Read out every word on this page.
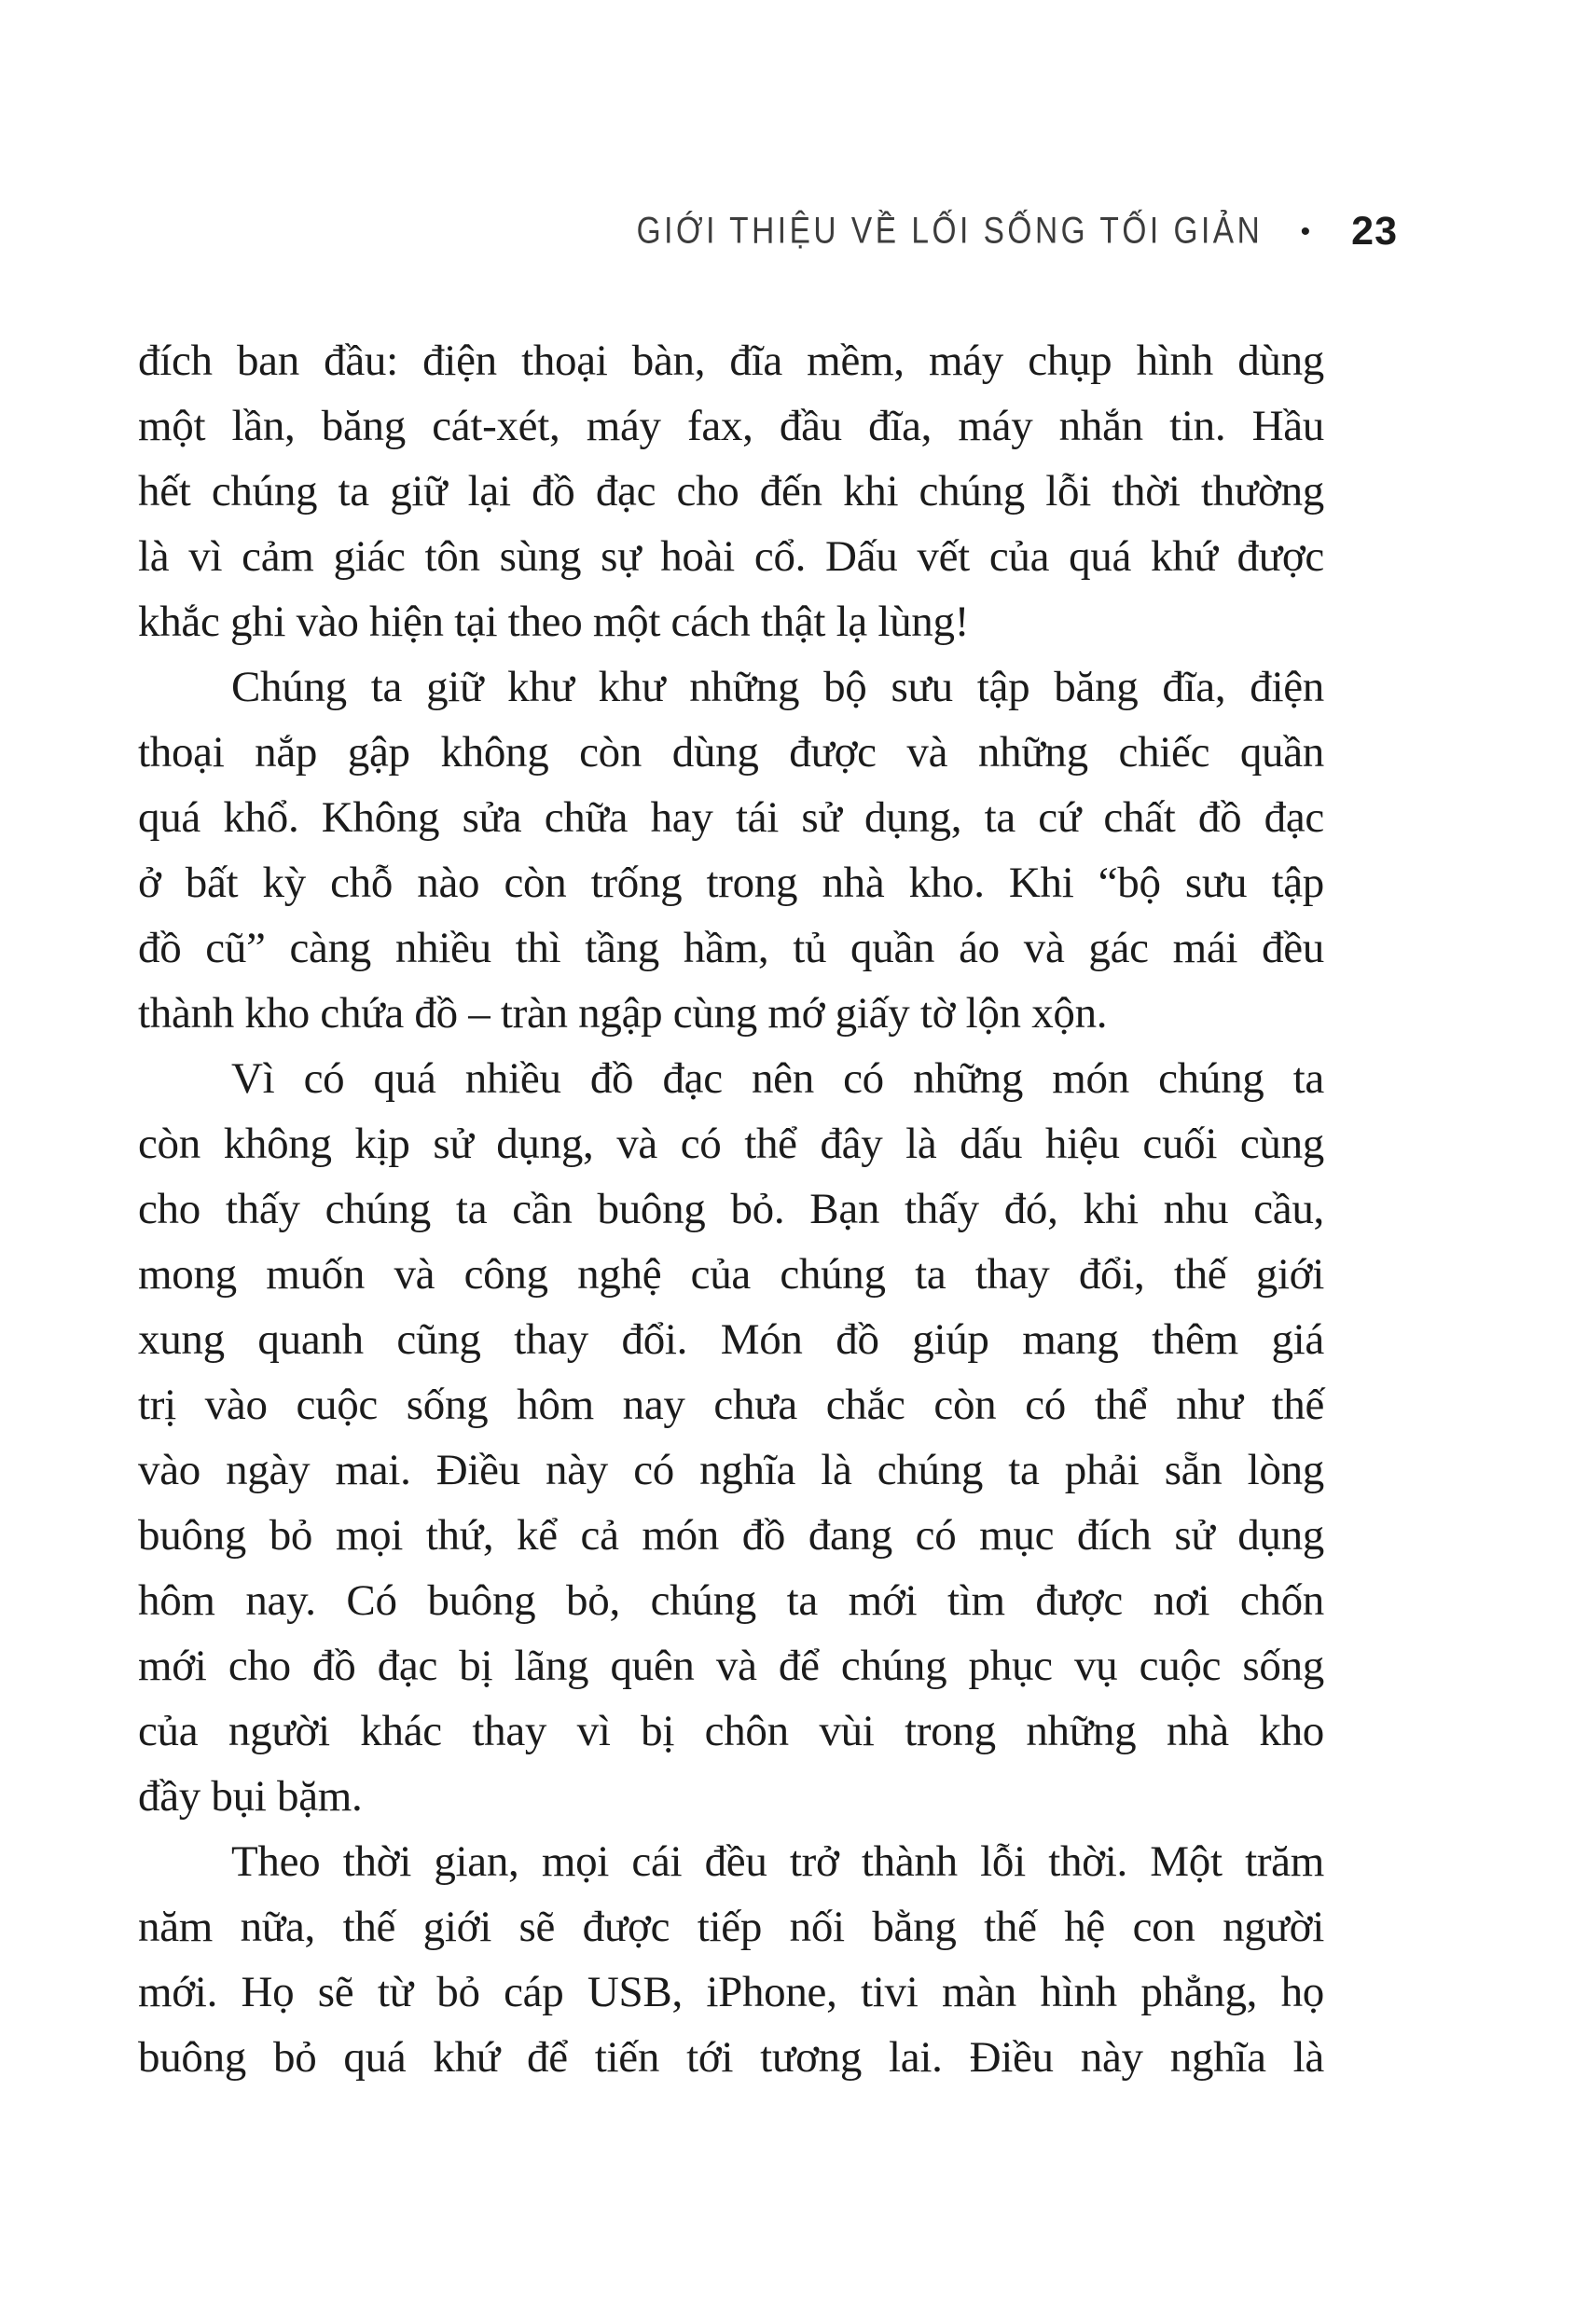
GIỚI THIỆU VỀ LỐI SỐNG TỐI GIẢN • 23

đích ban đầu: điện thoại bàn, đĩa mềm, máy chụp hình dùng
một lần, băng cát-xét, máy fax, đầu đĩa, máy nhắn tin. Hầu
hết chúng ta giữ lại đồ đạc cho đến khi chúng lỗi thời thường
là vì cảm giác tôn sùng sự hoài cổ. Dấu vết của quá khứ được
khắc ghi vào hiện tại theo một cách thật lạ lùng!

Chúng ta giữ khư khư những bộ sưu tập băng đĩa, điện
thoại nắp gập không còn dùng được và những chiếc quần
quá khổ. Không sửa chữa hay tái sử dụng, ta cứ chất đồ đạc
ở bất kỳ chỗ nào còn trống trong nhà kho. Khi “bộ sưu tập
đồ cũ” càng nhiều thì tầng hầm, tủ quần áo và gác mái đều
thành kho chứa đồ – tràn ngập cùng mớ giấy tờ lộn xộn.

Vì có quá nhiều đồ đạc nên có những món chúng ta
còn không kịp sử dụng, và có thể đây là dấu hiệu cuối cùng
cho thấy chúng ta cần buông bỏ. Bạn thấy đó, khi nhu cầu,
mong muốn và công nghệ của chúng ta thay đổi, thế giới
xung quanh cũng thay đổi. Món đồ giúp mang thêm giá
trị vào cuộc sống hôm nay chưa chắc còn có thể như thế
vào ngày mai. Điều này có nghĩa là chúng ta phải sẵn lòng
buông bỏ mọi thứ, kể cả món đồ đang có mục đích sử dụng
hôm nay. Có buông bỏ, chúng ta mới tìm được nơi chốn
mới cho đồ đạc bị lãng quên và để chúng phục vụ cuộc sống
của người khác thay vì bị chôn vùi trong những nhà kho
đầy bụi bặm.

Theo thời gian, mọi cái đều trở thành lỗi thời. Một trăm
năm nữa, thế giới sẽ được tiếp nối bằng thế hệ con người
mới. Họ sẽ từ bỏ cáp USB, iPhone, tivi màn hình phẳng, họ
buông bỏ quá khứ để tiến tới tương lai. Điều này nghĩa là
